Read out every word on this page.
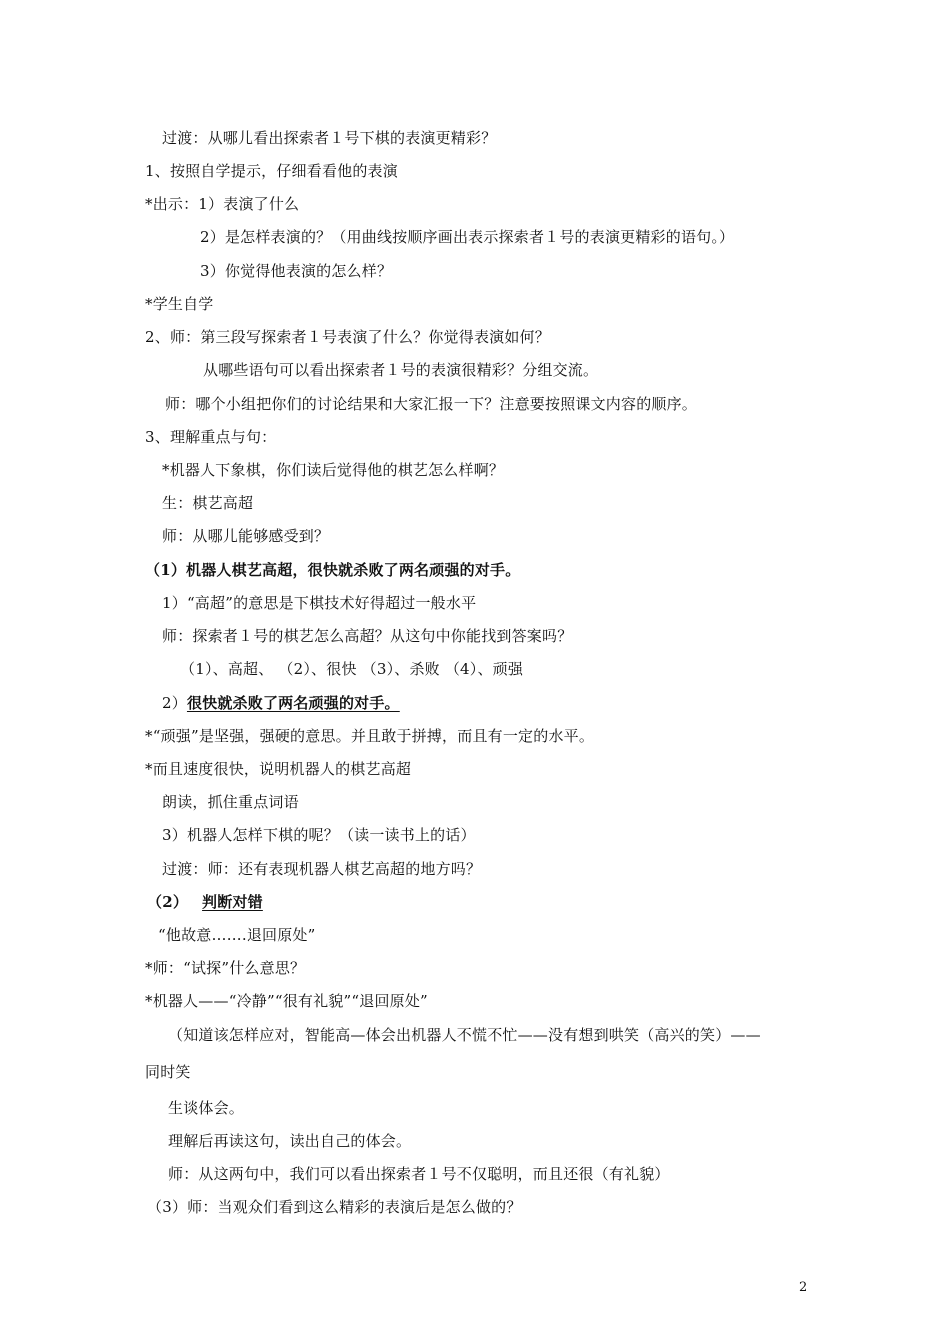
过渡：从哪儿看出探索者１号下棋的表演更精彩？
1、按照自学提示，仔细看看他的表演
*出示：1）表演了什么
2）是怎样表演的？（用曲线按顺序画出表示探索者１号的表演更精彩的语句。）
3）你觉得他表演的怎么样？
*学生自学
2、师：第三段写探索者１号表演了什么？你觉得表演如何？
从哪些语句可以看出探索者１号的表演很精彩？分组交流。
师：哪个小组把你们的讨论结果和大家汇报一下？注意要按照课文内容的顺序。
3、理解重点与句：
*机器人下象棋，你们读后觉得他的棋艺怎么样啊？
生：棋艺高超
师：从哪儿能够感受到？
（1）机器人棋艺高超，很快就杀败了两名顽强的对手。
1）“高超”的意思是下棋技术好得超过一般水平
师：探索者１号的棋艺怎么高超？从这句中你能找到答案吗？
（1）、高超、 （2）、很快 （3）、杀败 （4）、顽强
2）很快就杀败了两名顽强的对手。
*“顽强”是坚强，强硬的意思。并且敢于拼搏，而且有一定的水平。
*而且速度很快，说明机器人的棋艺高超
朗读，抓住重点词语
3）机器人怎样下棋的呢？（读一读书上的话）
过渡：师：还有表现机器人棋艺高超的地方吗？
（2） 判断对错
“他故意…….退回原处”
*师：“试探”什么意思？
*机器人——“冷静”“很有礼貌”“退回原处”
（知道该怎样应对，智能高—体会出机器人不慌不忙——没有想到哄笑（高兴的笑）——
同时笑
生谈体会。
理解后再读这句，读出自己的体会。
师：从这两句中，我们可以看出探索者１号不仅聪明，而且还很（有礼貌）
（3）师：当观众们看到这么精彩的表演后是怎么做的？
2
